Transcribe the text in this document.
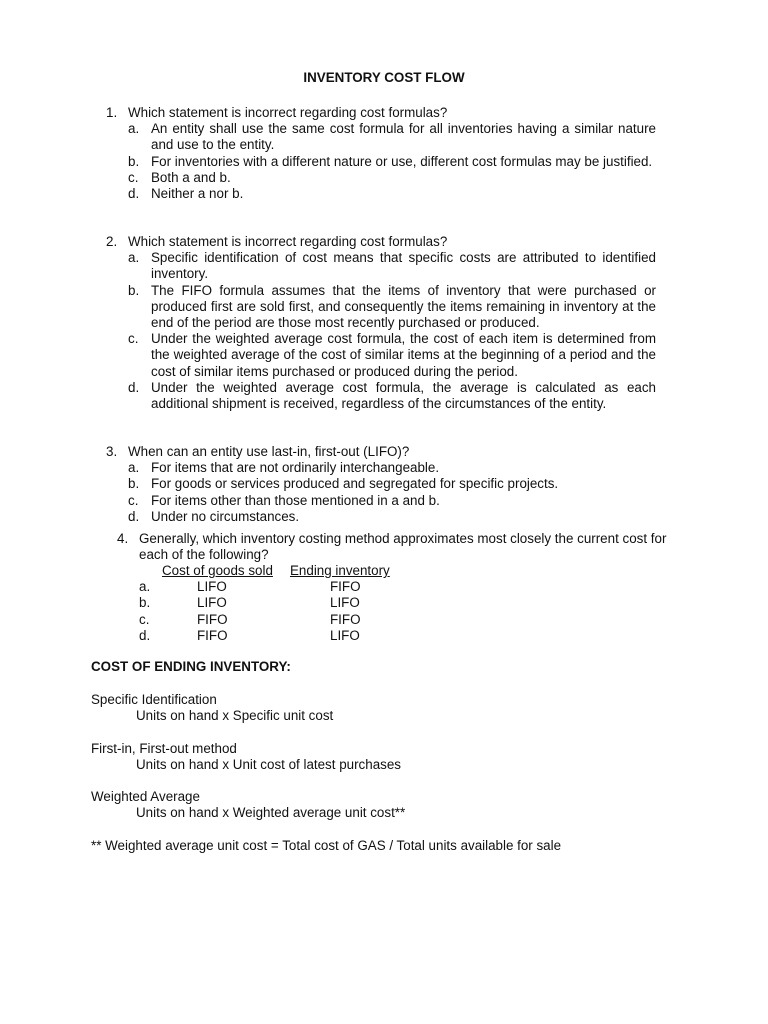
INVENTORY COST FLOW
1. Which statement is incorrect regarding cost formulas?
a. An entity shall use the same cost formula for all inventories having a similar nature and use to the entity.
b. For inventories with a different nature or use, different cost formulas may be justified.
c. Both a and b.
d. Neither a nor b.
2. Which statement is incorrect regarding cost formulas?
a. Specific identification of cost means that specific costs are attributed to identified inventory.
b. The FIFO formula assumes that the items of inventory that were purchased or produced first are sold first, and consequently the items remaining in inventory at the end of the period are those most recently purchased or produced.
c. Under the weighted average cost formula, the cost of each item is determined from the weighted average of the cost of similar items at the beginning of a period and the cost of similar items purchased or produced during the period.
d. Under the weighted average cost formula, the average is calculated as each additional shipment is received, regardless of the circumstances of the entity.
3. When can an entity use last-in, first-out (LIFO)?
a. For items that are not ordinarily interchangeable.
b. For goods or services produced and segregated for specific projects.
c. For items other than those mentioned in a and b.
d. Under no circumstances.
4. Generally, which inventory costing method approximates most closely the current cost for each of the following?
Cost of goods sold	Ending inventory
a.	LIFO	FIFO
b.	LIFO	LIFO
c.	FIFO	FIFO
d.	FIFO	LIFO
COST OF ENDING INVENTORY:
Specific Identification
Units on hand x Specific unit cost
First-in, First-out method
Units on hand x Unit cost of latest purchases
Weighted Average
Units on hand x Weighted average unit cost**
** Weighted average unit cost = Total cost of GAS / Total units available for sale
